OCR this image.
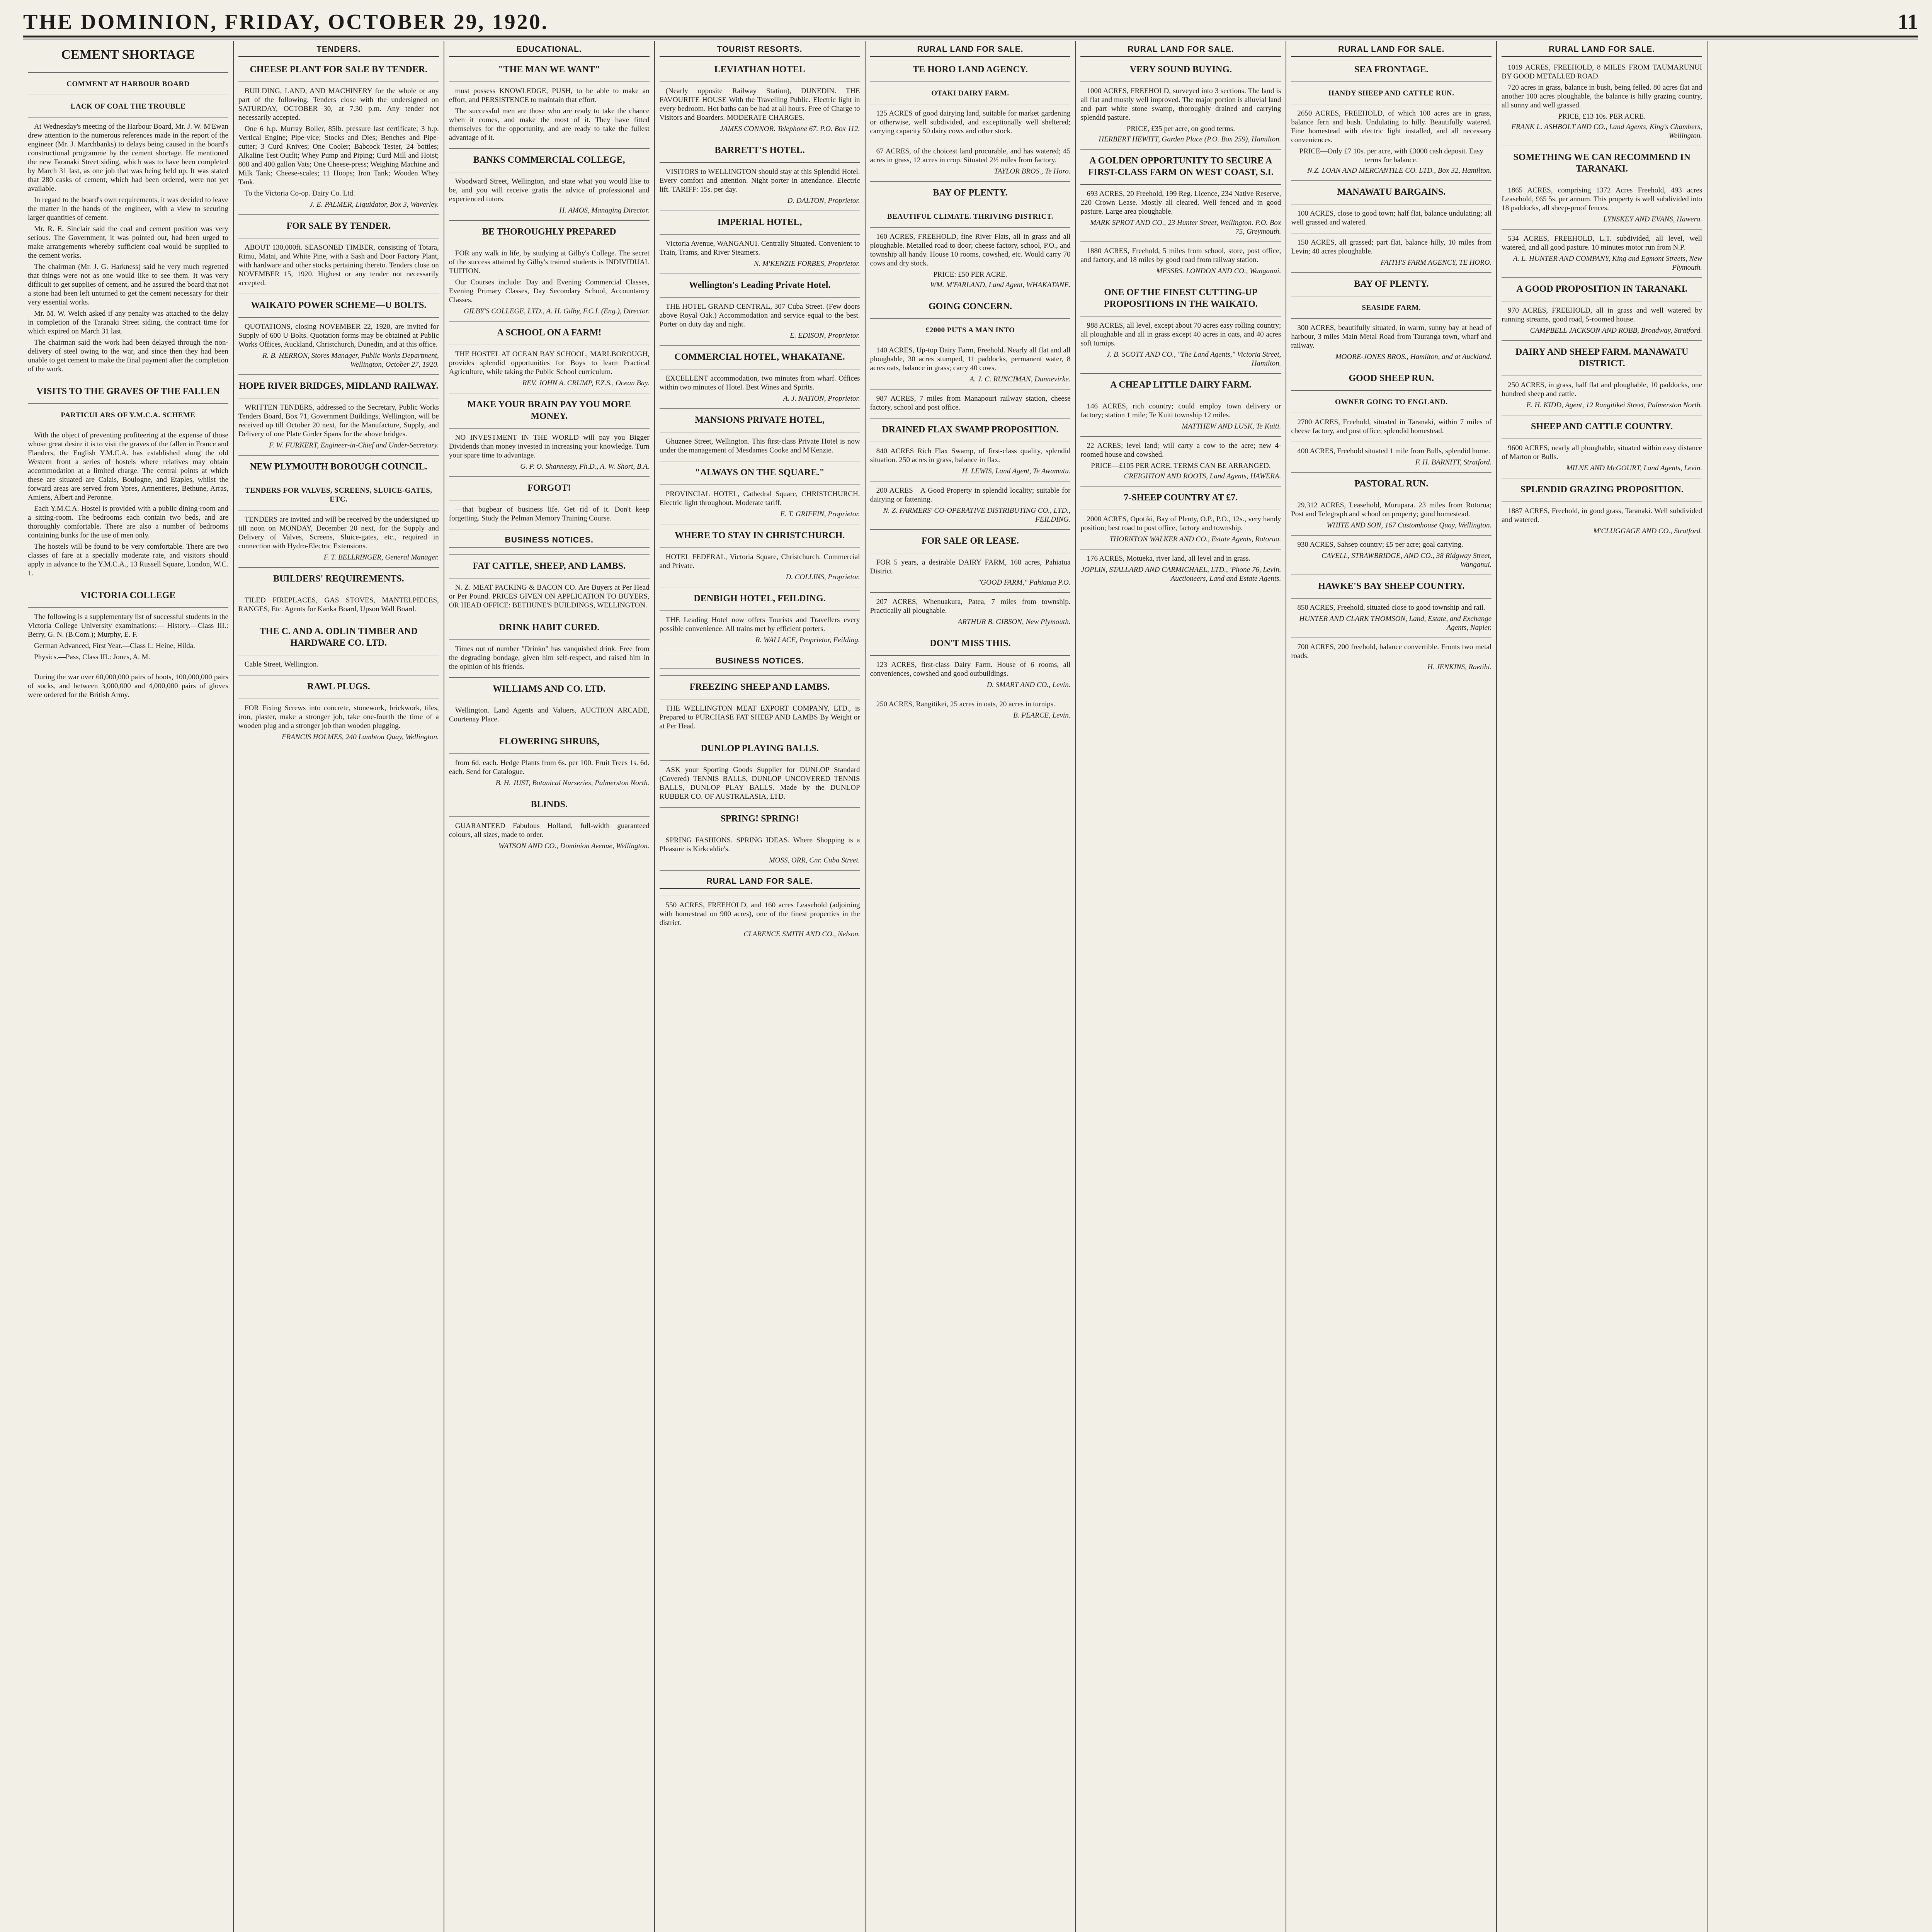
THE DOMINION, FRIDAY, OCTOBER 29, 1920.	11
CEMENT SHORTAGE
COMMENT AT HARBOUR BOARD
LACK OF COAL THE TROUBLE

At Wednesday's meeting of the Harbour Board, Mr. J. W. M'Ewan drew attention to the numerous references made in the report of the engineer (Mr. J. Marchbanks) to delays being caused in the board's constructional programme by the cement shortage. He mentioned the new Taranaki Street siding, which was to have been completed by March 31 last, as one job that was being held up. It was stated that 280 casks of cement, which had been ordered, were not yet available.

In regard to the board's own requirements, it was decided to leave the matter in the hands of the engineer, with a view to securing larger quantities of cement.

Mr. R. E. Sinclair said the coal and cement position was very serious. The Government, it was pointed out, had been urged to make arrangements whereby sufficient coal would be supplied to the cement works.

The chairman (Mr. J. G. Harkness) said he very much regretted that things were not as one would like to see them. It was very difficult to get supplies of cement, and he assured the board that not a stone had been left unturned to get the cement necessary for their very essential works.

Mr. M. W. Welch asked if any penalty was attached to the delay in completion of the Taranaki Street siding, the contract time for which expired on March 31 last.

The chairman said the work had been delayed through the non-delivery of steel owing to the war, and since then they had been unable to get cement to make the final payment after the completion of the work.

VISITS TO THE GRAVES OF THE FALLEN
PARTICULARS OF Y.M.C.A. SCHEME

With the object of preventing profiteering at the expense of those whose great desire it is to visit the graves of the fallen in France and Flanders, the English Y.M.C.A. has established along the old Western front a series of hostels where relatives may obtain accommodation at a limited charge. The central points at which these are situated are Calais, Boulogne, and Etaples, whilst the forward areas are served from Ypres, Armentieres, Bethune, Arras, Amiens, Albert and Peronne.

Each Y.M.C.A. Hostel is provided with a public dining-room and a sitting-room. The bedrooms each contain two beds, and are thoroughly comfortable. There are also a number of bedrooms containing bunks for the use of men only.

The hostels will be found to be very comfortable. There are two classes of fare at a specially moderate rate, and visitors should apply in advance to the Y.M.C.A., 13 Russell Square, London, W.C. 1.

VICTORIA COLLEGE

The following is a supplementary list of successful students in the Victoria College University examinations:— History.—Class III.: Berry, G. N. (B.Com.); Murphy, E. F.

German Advanced, First Year.—Class I.: Heine, Hilda.

Physics.—Pass, Class III.: Jones, A. M.

During the war over 60,000,000 pairs of boots, 100,000,000 pairs of socks, and between 3,000,000 and 4,000,000 pairs of gloves were ordered for the British Army.

TENDERS.
CHEESE PLANT FOR SALE BY TENDER.

BUILDING, LAND, AND MACHINERY for the whole or any part of the following. Tenders close with the undersigned on SATURDAY, OCTOBER 30, at 7.30 p.m. Any tender not necessarily accepted.

One 6 h.p. Murray Boiler, 85lb. pressure last certificate; 3 h.p. Vertical Engine; Pipe-vice; Stocks and Dies; Benches and Pipe-cutter; 3 Curd Knives; One Cooler; Babcock Tester, 24 bottles; Alkaline Test Outfit; Whey Pump and Piping; Curd Mill and Hoist; 800 and 400 gallon Vats; One Cheese-press; Weighing Machine and Milk Tank; Cheese-scales; 11 Hoops; Iron Tank; Wooden Whey Tank.

To the Victoria Co-op. Dairy Co. Ltd.

J. E. PALMER, Liquidator, Box 3, Waverley.
FOR SALE BY TENDER.

ABOUT 130,000ft. SEASONED TIMBER, consisting of Totara, Rimu, Matai, and White Pine, with a Sash and Door Factory Plant, with hardware and other stocks pertaining thereto. Tenders close on NOVEMBER 15, 1920. Highest or any tender not necessarily accepted.

WAIKATO POWER SCHEME—U BOLTS.

QUOTATIONS, closing NOVEMBER 22, 1920, are invited for Supply of 600 U Bolts. Quotation forms may be obtained at Public Works Offices, Auckland, Christchurch, Dunedin, and at this office.

R. B. HERRON, Stores Manager, Public Works Department, Wellington, October 27, 1920.
HOPE RIVER BRIDGES, MIDLAND RAILWAY.

WRITTEN TENDERS, addressed to the Secretary, Public Works Tenders Board, Box 71, Government Buildings, Wellington, will be received up till October 20 next, for the Manufacture, Supply, and Delivery of one Plate Girder Spans for the above bridges.

F. W. FURKERT, Engineer-in-Chief and Under-Secretary.
NEW PLYMOUTH BOROUGH COUNCIL.
TENDERS FOR VALVES, SCREENS, SLUICE-GATES, ETC.

TENDERS are invited and will be received by the undersigned up till noon on MONDAY, December 20 next, for the Supply and Delivery of Valves, Screens, Sluice-gates, etc., required in connection with Hydro-Electric Extensions.

F. T. BELLRINGER, General Manager.
BUILDERS' REQUIREMENTS.

TILED FIREPLACES, GAS STOVES, MANTELPIECES, RANGES, Etc. Agents for Kanka Board, Upson Wall Board.

THE C. AND A. ODLIN TIMBER AND HARDWARE CO. LTD.

Cable Street, Wellington.

RAWL PLUGS.

FOR Fixing Screws into concrete, stonework, brickwork, tiles, iron, plaster, make a stronger job, take one-fourth the time of a wooden plug and a stronger job than wooden plugging.

FRANCIS HOLMES, 240 Lambton Quay, Wellington.
EDUCATIONAL.
"THE MAN WE WANT"

must possess KNOWLEDGE, PUSH, to be able to make an effort, and PERSISTENCE to maintain that effort.

The successful men are those who are ready to take the chance when it comes, and make the most of it. They have fitted themselves for the opportunity, and are ready to take the fullest advantage of it.

BANKS COMMERCIAL COLLEGE,

Woodward Street, Wellington, and state what you would like to be, and you will receive gratis the advice of professional and experienced tutors.

H. AMOS, Managing Director.
BE THOROUGHLY PREPARED

FOR any walk in life, by studying at Gilby's College. The secret of the success attained by Gilby's trained students is INDIVIDUAL TUITION.

Our Courses include: Day and Evening Commercial Classes, Evening Primary Classes, Day Secondary School, Accountancy Classes.

GILBY'S COLLEGE, LTD., A. H. Gilby, F.C.I. (Eng.), Director.
A SCHOOL ON A FARM!

THE HOSTEL AT OCEAN BAY SCHOOL, MARLBOROUGH, provides splendid opportunities for Boys to learn Practical Agriculture, while taking the Public School curriculum.

REV. JOHN A. CRUMP, F.Z.S., Ocean Bay.
MAKE YOUR BRAIN PAY YOU MORE MONEY.

NO INVESTMENT IN THE WORLD will pay you Bigger Dividends than money invested in increasing your knowledge. Turn your spare time to advantage.

G. P. O. Shannessy, Ph.D., A. W. Short, B.A.
FORGOT!

—that bugbear of business life. Get rid of it. Don't keep forgetting. Study the Pelman Memory Training Course.

BUSINESS NOTICES.
FAT CATTLE, SHEEP, AND LAMBS.

N. Z. MEAT PACKING & BACON CO. Are Buyers at Per Head or Per Pound. PRICES GIVEN ON APPLICATION TO BUYERS, OR HEAD OFFICE: BETHUNE'S BUILDINGS, WELLINGTON.

DRINK HABIT CURED.

Times out of number "Drinko" has vanquished drink. Free from the degrading bondage, given him self-respect, and raised him in the opinion of his friends.

WILLIAMS AND CO. LTD.

Wellington. Land Agents and Valuers, AUCTION ARCADE, Courtenay Place.

FLOWERING SHRUBS,

from 6d. each. Hedge Plants from 6s. per 100. Fruit Trees 1s. 6d. each. Send for Catalogue.

B. H. JUST, Botanical Nurseries, Palmerston North.
BLINDS.

GUARANTEED Fabulous Holland, full-width guaranteed colours, all sizes, made to order.

WATSON AND CO., Dominion Avenue, Wellington.
TOURIST RESORTS.
LEVIATHAN HOTEL

(Nearly opposite Railway Station), DUNEDIN. THE FAVOURITE HOUSE With the Travelling Public. Electric light in every bedroom. Hot baths can be had at all hours. Free of Charge to Visitors and Boarders. MODERATE CHARGES.

JAMES CONNOR. Telephone 67. P.O. Box 112.
BARRETT'S HOTEL.

VISITORS to WELLINGTON should stay at this Splendid Hotel. Every comfort and attention. Night porter in attendance. Electric lift. TARIFF: 15s. per day.

D. DALTON, Proprietor.
IMPERIAL HOTEL,

Victoria Avenue, WANGANUI. Centrally Situated. Convenient to Train, Trams, and River Steamers.

N. M'KENZIE FORBES, Proprietor.
Wellington's Leading Private Hotel.

THE HOTEL GRAND CENTRAL, 307 Cuba Street. (Few doors above Royal Oak.) Accommodation and service equal to the best. Porter on duty day and night.

E. EDISON, Proprietor.
COMMERCIAL HOTEL, WHAKATANE.

EXCELLENT accommodation, two minutes from wharf. Offices within two minutes of Hotel. Best Wines and Spirits.

A. J. NATION, Proprietor.
MANSIONS PRIVATE HOTEL,

Ghuznee Street, Wellington. This first-class Private Hotel is now under the management of Mesdames Cooke and M'Kenzie.

"ALWAYS ON THE SQUARE."

PROVINCIAL HOTEL, Cathedral Square, CHRISTCHURCH. Electric light throughout. Moderate tariff.

E. T. GRIFFIN, Proprietor.
WHERE TO STAY IN CHRISTCHURCH.

HOTEL FEDERAL, Victoria Square, Christchurch. Commercial and Private.

D. COLLINS, Proprietor.
DENBIGH HOTEL, FEILDING.

THE Leading Hotel now offers Tourists and Travellers every possible convenience. All trains met by efficient porters.

R. WALLACE, Proprietor, Feilding.
BUSINESS NOTICES.
FREEZING SHEEP AND LAMBS.

THE WELLINGTON MEAT EXPORT COMPANY, LTD., is Prepared to PURCHASE FAT SHEEP AND LAMBS By Weight or at Per Head.

DUNLOP PLAYING BALLS.

ASK your Sporting Goods Supplier for DUNLOP Standard (Covered) TENNIS BALLS, DUNLOP UNCOVERED TENNIS BALLS, DUNLOP PLAY BALLS. Made by the DUNLOP RUBBER CO. OF AUSTRALASIA, LTD.

SPRING! SPRING!

SPRING FASHIONS. SPRING IDEAS. Where Shopping is a Pleasure is Kirkcaldie's.

MOSS, ORR, Cnr. Cuba Street.
RURAL LAND FOR SALE.

550 ACRES, FREEHOLD, and 160 acres Leasehold (adjoining with homestead on 900 acres), one of the finest properties in the district.

CLARENCE SMITH AND CO., Nelson.
RURAL LAND FOR SALE.
TE HORO LAND AGENCY.
OTAKI DAIRY FARM.

125 ACRES of good dairying land, suitable for market gardening or otherwise, well subdivided, and exceptionally well sheltered; carrying capacity 50 dairy cows and other stock.

67 ACRES, of the choicest land procurable, and has watered; 45 acres in grass, 12 acres in crop. Situated 2½ miles from factory.

TAYLOR BROS., Te Horo.
BAY OF PLENTY.
BEAUTIFUL CLIMATE. THRIVING DISTRICT.

160 ACRES, FREEHOLD, fine River Flats, all in grass and all ploughable. Metalled road to door; cheese factory, school, P.O., and township all handy. House 10 rooms, cowshed, etc. Would carry 70 cows and dry stock.

PRICE: £50 PER ACRE.
WM. M'FARLAND, Land Agent, WHAKATANE.
GOING CONCERN.
£2000 PUTS A MAN INTO

140 ACRES, Up-top Dairy Farm, Freehold. Nearly all flat and all ploughable, 30 acres stumped, 11 paddocks, permanent water, 8 acres oats, balance in grass; carry 40 cows.

A. J. C. RUNCIMAN, Dannevirke.

987 ACRES, 7 miles from Manapouri railway station, cheese factory, school and post office.

DRAINED FLAX SWAMP PROPOSITION.

840 ACRES Rich Flax Swamp, of first-class quality, splendid situation. 250 acres in grass, balance in flax.

H. LEWIS, Land Agent, Te Awamutu.

200 ACRES—A Good Property in splendid locality; suitable for dairying or fattening.

N. Z. FARMERS' CO-OPERATIVE DISTRIBUTING CO., LTD., FEILDING.
FOR SALE OR LEASE.

FOR 5 years, a desirable DAIRY FARM, 160 acres, Pahiatua District.

"GOOD FARM," Pahiatua P.O.

207 ACRES, Whenuakura, Patea, 7 miles from township. Practically all ploughable.

ARTHUR B. GIBSON, New Plymouth.
DON'T MISS THIS.

123 ACRES, first-class Dairy Farm. House of 6 rooms, all conveniences, cowshed and good outbuildings.

D. SMART AND CO., Levin.

250 ACRES, Rangitikei, 25 acres in oats, 20 acres in turnips.

B. PEARCE, Levin.
RURAL LAND FOR SALE.
VERY SOUND BUYING.

1000 ACRES, FREEHOLD, surveyed into 3 sections. The land is all flat and mostly well improved. The major portion is alluvial land and part white stone swamp, thoroughly drained and carrying splendid pasture.

PRICE, £35 per acre, on good terms.
HERBERT HEWITT, Garden Place (P.O. Box 259), Hamilton.
A GOLDEN OPPORTUNITY TO SECURE A FIRST-CLASS FARM ON WEST COAST, S.I.

693 ACRES, 20 Freehold, 199 Reg. Licence, 234 Native Reserve, 220 Crown Lease. Mostly all cleared. Well fenced and in good pasture. Large area ploughable.

MARK SPROT AND CO., 23 Hunter Street, Wellington. P.O. Box 75, Greymouth.

1880 ACRES, Freehold, 5 miles from school, store, post office, and factory, and 18 miles by good road from railway station.

MESSRS. LONDON AND CO., Wanganui.
ONE OF THE FINEST CUTTING-UP PROPOSITIONS IN THE WAIKATO.

988 ACRES, all level, except about 70 acres easy rolling country; all ploughable and all in grass except 40 acres in oats, and 40 acres soft turnips.

J. B. SCOTT AND CO., "The Land Agents," Victoria Street, Hamilton.
A CHEAP LITTLE DAIRY FARM.

146 ACRES, rich country; could employ town delivery or factory; station 1 mile; Te Kuiti township 12 miles.

MATTHEW AND LUSK, Te Kuiti.

22 ACRES; level land; will carry a cow to the acre; new 4-roomed house and cowshed.

PRICE—£105 PER ACRE. TERMS CAN BE ARRANGED.
CREIGHTON AND ROOTS, Land Agents, HAWERA.
7-SHEEP COUNTRY AT £7.

2000 ACRES, Opotiki, Bay of Plenty, O.P., P.O., 12s., very handy position; best road to post office, factory and township.

THORNTON WALKER AND CO., Estate Agents, Rotorua.

176 ACRES, Motueka, river land, all level and in grass.

JOPLIN, STALLARD AND CARMICHAEL, LTD., 'Phone 76, Levin. Auctioneers, Land and Estate Agents.
RURAL LAND FOR SALE.
SEA FRONTAGE.
HANDY SHEEP AND CATTLE RUN.

2650 ACRES, FREEHOLD, of which 100 acres are in grass, balance fern and bush. Undulating to hilly. Beautifully watered. Fine homestead with electric light installed, and all necessary conveniences.

PRICE—Only £7 10s. per acre, with £3000 cash deposit. Easy terms for balance.
N.Z. LOAN AND MERCANTILE CO. LTD., Box 32, Hamilton.
MANAWATU BARGAINS.

100 ACRES, close to good town; half flat, balance undulating; all well grassed and watered.

150 ACRES, all grassed; part flat, balance hilly, 10 miles from Levin; 40 acres ploughable.

FAITH'S FARM AGENCY, TE HORO.
BAY OF PLENTY.
SEASIDE FARM.

300 ACRES, beautifully situated, in warm, sunny bay at head of harbour, 3 miles Main Metal Road from Tauranga town, wharf and railway.

MOORE-JONES BROS., Hamilton, and at Auckland.
GOOD SHEEP RUN.
OWNER GOING TO ENGLAND.

2700 ACRES, Freehold, situated in Taranaki, within 7 miles of cheese factory, and post office; splendid homestead.

400 ACRES, Freehold situated 1 mile from Bulls, splendid home.

F. H. BARNITT, Stratford.
PASTORAL RUN.

29,312 ACRES, Leasehold, Murupara. 23 miles from Rotorua; Post and Telegraph and school on property; good homestead.

WHITE AND SON, 167 Customhouse Quay, Wellington.

930 ACRES, Sahsep country; £5 per acre; goal carrying.

CAVELL, STRAWBRIDGE, AND CO., 38 Ridgway Street, Wanganui.
HAWKE'S BAY SHEEP COUNTRY.

850 ACRES, Freehold, situated close to good township and rail.

HUNTER AND CLARK THOMSON, Land, Estate, and Exchange Agents, Napier.

700 ACRES, 200 freehold, balance convertible. Fronts two metal roads.

H. JENKINS, Raetihi.
RURAL LAND FOR SALE.

1019 ACRES, FREEHOLD, 8 MILES FROM TAUMARUNUI BY GOOD METALLED ROAD.

720 acres in grass, balance in bush, being felled. 80 acres flat and another 100 acres ploughable, the balance is hilly grazing country, all sunny and well grassed.

PRICE, £13 10s. PER ACRE.
FRANK L. ASHBOLT AND CO., Land Agents, King's Chambers, Wellington.
SOMETHING WE CAN RECOMMEND IN TARANAKI.

1865 ACRES, comprising 1372 Acres Freehold, 493 acres Leasehold, £65 5s. per annum. This property is well subdivided into 18 paddocks, all sheep-proof fences.

LYNSKEY AND EVANS, Hawera.

534 ACRES, FREEHOLD, L.T. subdivided, all level, well watered, and all good pasture. 10 minutes motor run from N.P.

A. L. HUNTER AND COMPANY, King and Egmont Streets, New Plymouth.
A GOOD PROPOSITION IN TARANAKI.

970 ACRES, FREEHOLD, all in grass and well watered by running streams, good road, 5-roomed house.

CAMPBELL JACKSON AND ROBB, Broadway, Stratford.
DAIRY AND SHEEP FARM. MANAWATU DISTRICT.

250 ACRES, in grass, half flat and ploughable, 10 paddocks, one hundred sheep and cattle.

E. H. KIDD, Agent, 12 Rangitikei Street, Palmerston North.
SHEEP AND CATTLE COUNTRY.

9600 ACRES, nearly all ploughable, situated within easy distance of Marton or Bulls.

MILNE AND McGOURT, Land Agents, Levin.
SPLENDID GRAZING PROPOSITION.

1887 ACRES, Freehold, in good grass, Taranaki. Well subdivided and watered.

M'CLUGGAGE AND CO., Stratford.
